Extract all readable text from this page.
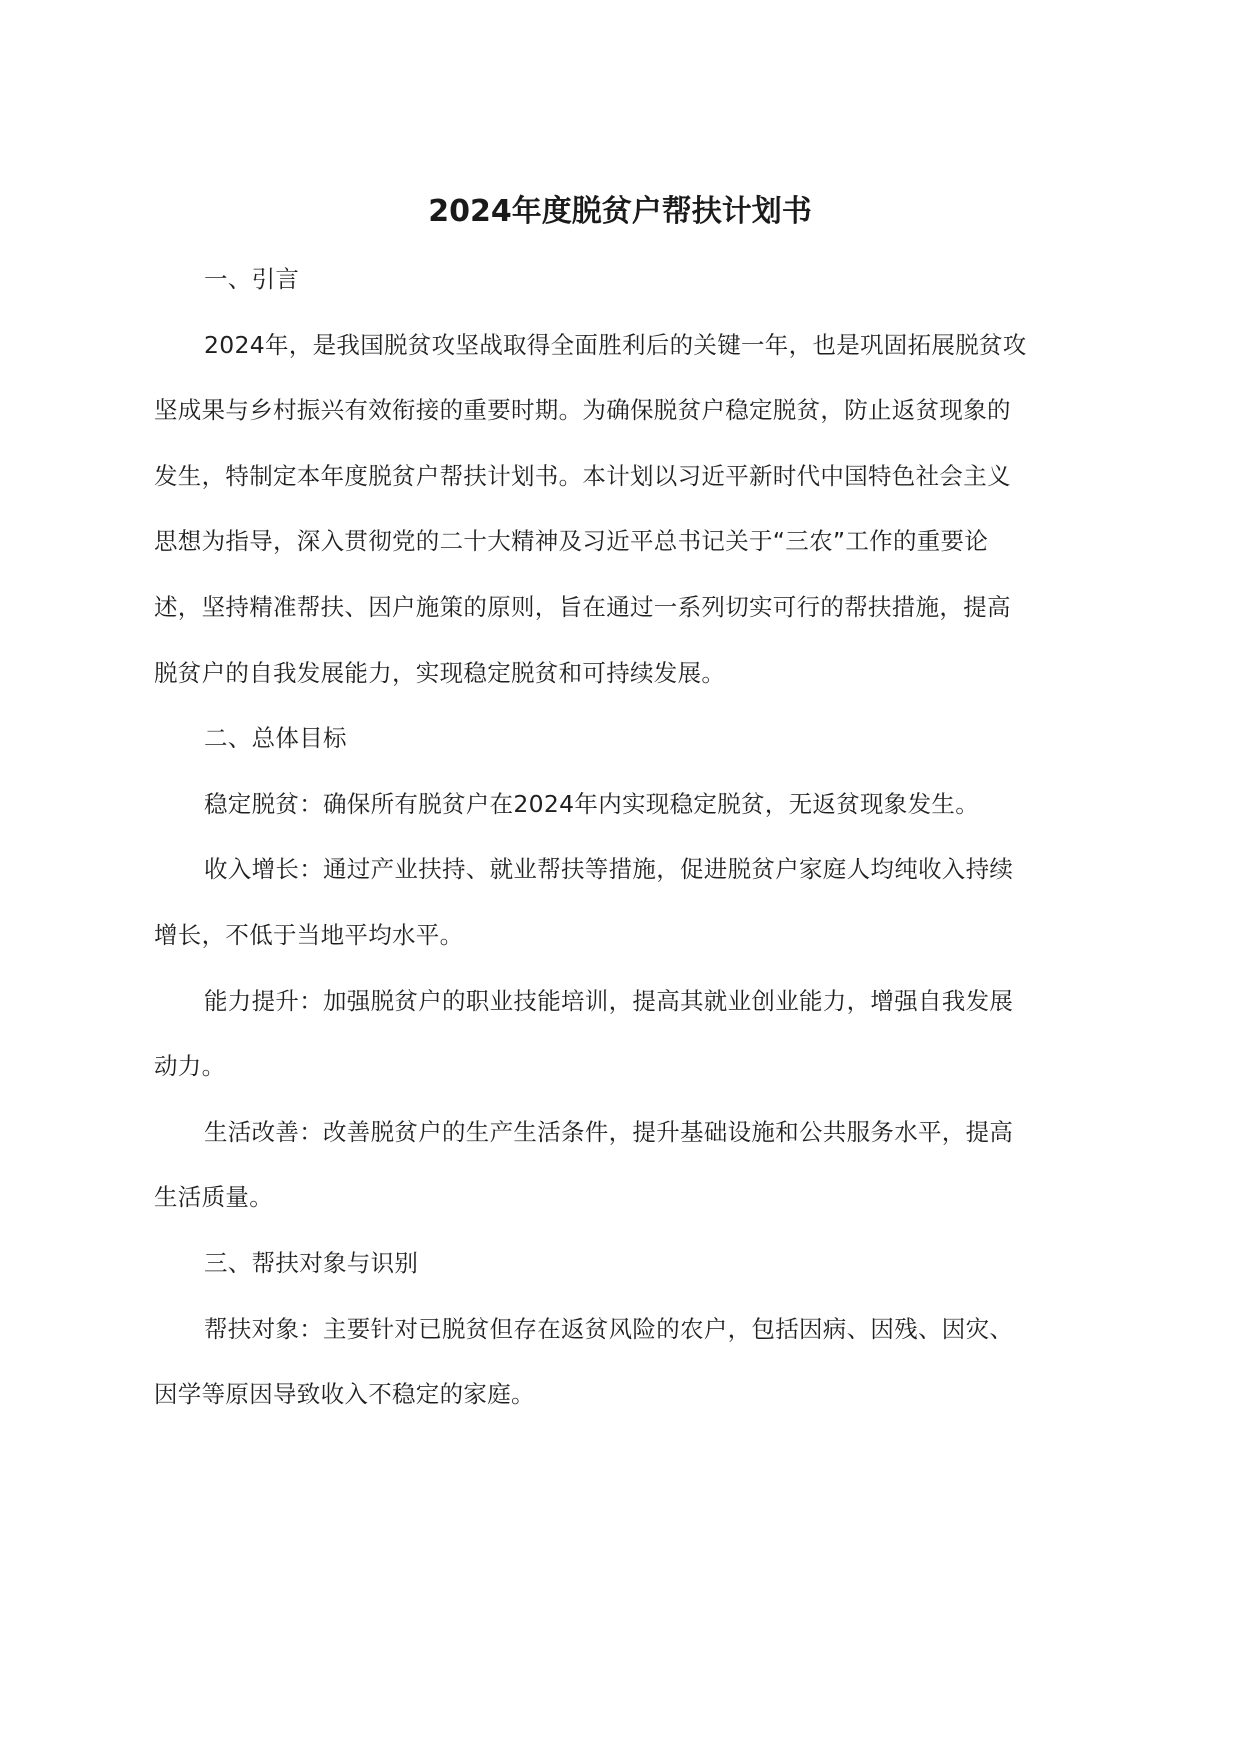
2024年度脱贫户帮扶计划书
一、引言
2024年，是我国脱贫攻坚战取得全面胜利后的关键一年，也是巩固拓展脱贫攻
坚成果与乡村振兴有效衔接的重要时期。为确保脱贫户稳定脱贫，防止返贫现象的
发生，特制定本年度脱贫户帮扶计划书。本计划以习近平新时代中国特色社会主义
思想为指导，深入贯彻党的二十大精神及习近平总书记关于“三农”工作的重要论
述，坚持精准帮扶、因户施策的原则，旨在通过一系列切实可行的帮扶措施，提高
脱贫户的自我发展能力，实现稳定脱贫和可持续发展。
二、总体目标
稳定脱贫：确保所有脱贫户在2024年内实现稳定脱贫，无返贫现象发生。
收入增长：通过产业扶持、就业帮扶等措施，促进脱贫户家庭人均纯收入持续
增长，不低于当地平均水平。
能力提升：加强脱贫户的职业技能培训，提高其就业创业能力，增强自我发展
动力。
生活改善：改善脱贫户的生产生活条件，提升基础设施和公共服务水平，提高
生活质量。
三、帮扶对象与识别
帮扶对象：主要针对已脱贫但存在返贫风险的农户，包括因病、因残、因灾、
因学等原因导致收入不稳定的家庭。
